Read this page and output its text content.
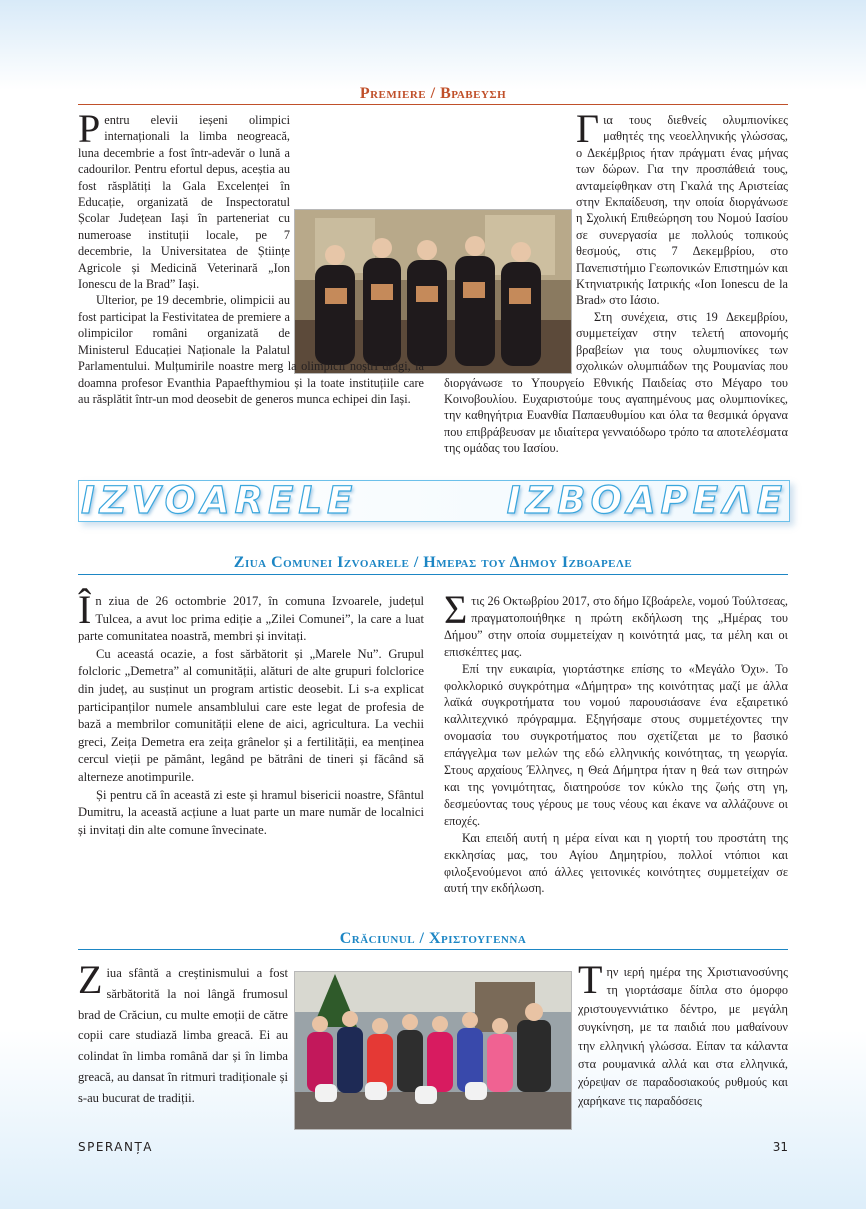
Premiere / Βραβευση

Pentru elevii ieșeni olimpici internaționali la limba neogreacă, luna decembrie a fost într-adevăr o lună a cadourilor. Pentru efortul depus, aceștia au fost răsplătiți la Gala Excelenței în Educație, organizată de Inspectoratul Școlar Județean Iași în parteneriat cu numeroase instituții locale, pe 7 decembrie, la Universitatea de Științe Agricole și Medicină Veterinară „Ion Ionescu de la Brad” Iași.

Ulterior, pe 19 decembrie, olimpicii au fost participat la Festivitatea de premiere a olimpicilor români organizată de Ministerul Educației Naționale la Palatul Parlamentului. Mulțumirile noastre merg la olimpicii noștri dragi, la doamna profesor Evanthia Papaefthymiou și la toate instituțiile care au răsplătit într-un mod deosebit de generos munca echipei din Iași.

Για τους διεθνείς ολυμπιονίκες μαθητές της νεοελληνικής γλώσσας, ο Δεκέμβριος ήταν πράγματι ένας μήνας των δώρων. Για την προσπάθειά τους, ανταμείφθηκαν στη Γκαλά της Αριστείας στην Εκπαίδευση, την οποία διοργάνωσε η Σχολική Επιθεώρηση του Νομού Ιασίου σε συνεργασία με πολλούς τοπικούς θεσμούς, στις 7 Δεκεμβρίου, στο Πανεπιστήμιο Γεωπονικών Επιστημών και Κτηνιατρικής Ιατρικής «Ion Ionescu de la Brad» στο Ιάσιο.

Στη συνέχεια, στις 19 Δεκεμβρίου, συμμετείχαν στην τελετή απονομής βραβείων για τους ολυμπιονίκες των σχολικών ολυμπιάδων της Ρουμανίας που διοργάνωσε το Υπουργείο Εθνικής Παιδείας στο Μέγαρο του Κοινοβουλίου. Ευχαριστούμε τους αγαπημένους μας ολυμπιονίκες, την καθηγήτρια Ευανθία Παπαευθυμίου και όλα τα θεσμικά όργανα που επιβράβευσαν με ιδιαίτερα γενναιόδωρο τρόπο τα αποτελέσματα της ομάδας του Ιασίου.

IZVOARELE	ΙΖΒΟΑΡΕΛΕ
Ziua Comunei Izvoarele / Ημερας του Δημου Ιζβοαρελε

În ziua de 26 octombrie 2017, în comuna Izvoarele, județul Tulcea, a avut loc prima ediție a „Zilei Comunei”, la care a luat parte comunitatea noastră, membri și invitați.

Cu aceastá ocazie, a fost sărbătorit și „Marele Nu”. Grupul folcloric „Demetra” al comunității, alături de alte grupuri folclorice din județ, au susținut un program artistic deosebit. Li s-a explicat participanților numele ansamblului care este legat de profesia de bază a membrilor comunității elene de aici, agricultura. La vechii greci, Zeița Demetra era zeița grânelor și a fertilității, ea menținea cercul vieții pe pământ, legând pe bătrâni de tineri și făcând să alterneze anotimpurile.

Și pentru că în această zi este și hramul bisericii noastre, Sfântul Dumitru, la această acțiune a luat parte un mare număr de localnici și invitați din alte comune învecinate.

Στις 26 Οκτωβρίου 2017, στο δήμο Ιζβοάρελε, νομού Τούλτσεας, πραγματοποιήθηκε η πρώτη εκδήλωση της „Ημέρας του Δήμου” στην οποία συμμετείχαν η κοινότητά μας, τα μέλη και οι επισκέπτες μας.

Επί την ευκαιρία, γιορτάστηκε επίσης το «Μεγάλο Όχι». Το φολκλορικό συγκρότημα «Δήμητρα» της κοινότητας μαζί με άλλα λαϊκά συγκροτήματα του νομού παρουσιάσανε ένα εξαιρετικό καλλιτεχνικό πρόγραμμα. Εξηγήσαμε στους συμμετέχοντες την ονομασία του συγκροτήματος που σχετίζεται με το βασικό επάγγελμα των μελών της εδώ ελληνικής κοινότητας, τη γεωργία. Στους αρχαίους Έλληνες, η Θεά Δήμητρα ήταν η θεά των σιτηρών και της γονιμότητας, διατηρούσε τον κύκλο της ζωής στη γη, δεσμεύοντας τους γέρους με τους νέους και έκανε να αλλάζουνε οι εποχές.

Και επειδή αυτή η μέρα είναι και η γιορτή του προστάτη της εκκλησίας μας, του Αγίου Δημητρίου, πολλοί ντόπιοι και φιλοξενούμενοι από άλλες γειτονικές κοινότητες συμμετείχαν σε αυτή την εκδήλωση.

Crăciunul / Χριστουγεννα

Ziua sfântă a creștinismului a fost sărbătorită la noi lângă frumosul brad de Crăciun, cu multe emoții de către copii care studiază limba greacă. Ei au colindat în limba română dar și în limba greacă, au dansat în ritmuri tradiționale și s-au bucurat de tradiții.

Την ιερή ημέρα της Χριστιανοσύνης τη γιορτάσαμε δίπλα στο όμορφο χριστουγεννιάτικο δέντρο, με μεγάλη συγκίνηση, με τα παιδιά που μαθαίνουν την ελληνική γλώσσα. Είπαν τα κάλαντα στα ρουμανικά αλλά και στα ελληνικά, χόρεψαν σε παραδοσιακούς ρυθμούς και χαρήκανε τις παραδόσεις

SPERANȚA	31
